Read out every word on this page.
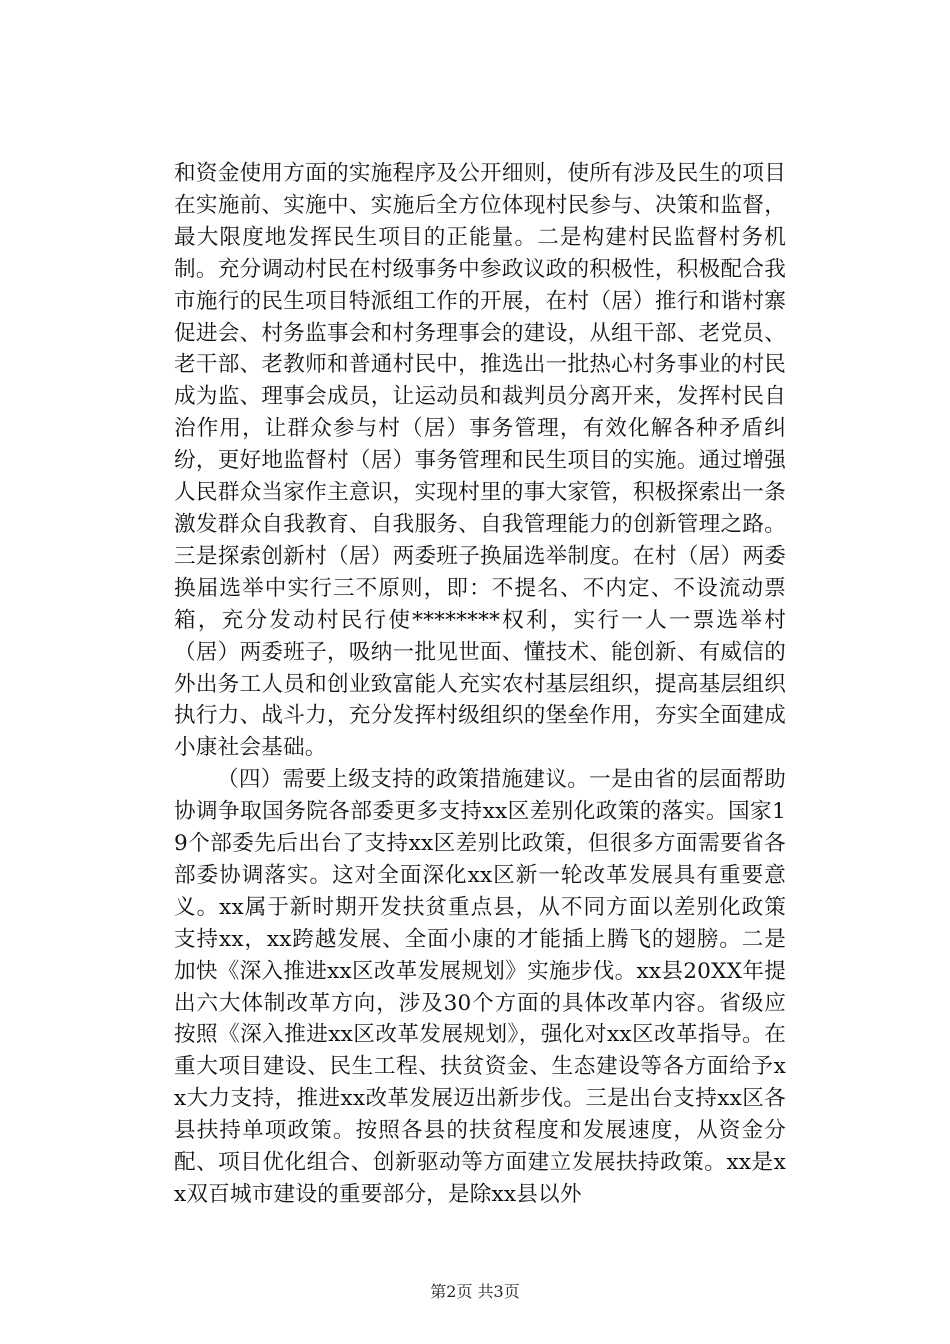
和资金使用方面的实施程序及公开细则，使所有涉及民生的项目在实施前、实施中、实施后全方位体现村民参与、决策和监督，最大限度地发挥民生项目的正能量。二是构建村民监督村务机制。充分调动村民在村级事务中参政议政的积极性，积极配合我市施行的民生项目特派组工作的开展，在村（居）推行和谐村寨促进会、村务监事会和村务理事会的建设，从组干部、老党员、老干部、老教师和普通村民中，推选出一批热心村务事业的村民成为监、理事会成员，让运动员和裁判员分离开来，发挥村民自治作用，让群众参与村（居）事务管理，有效化解各种矛盾纠纷，更好地监督村（居）事务管理和民生项目的实施。通过增强人民群众当家作主意识，实现村里的事大家管，积极探索出一条激发群众自我教育、自我服务、自我管理能力的创新管理之路。三是探索创新村（居）两委班子换届选举制度。在村（居）两委换届选举中实行三不原则，即：不提名、不内定、不设流动票箱，充分发动村民行使********权利，实行一人一票选举村（居）两委班子，吸纳一批见世面、懂技术、能创新、有威信的外出务工人员和创业致富能人充实农村基层组织，提高基层组织执行力、战斗力，充分发挥村级组织的堡垒作用，夯实全面建成小康社会基础。

（四）需要上级支持的政策措施建议。一是由省的层面帮助协调争取国务院各部委更多支持xx区差别化政策的落实。国家19个部委先后出台了支持xx区差别比政策，但很多方面需要省各部委协调落实。这对全面深化xx区新一轮改革发展具有重要意义。xx属于新时期开发扶贫重点县，从不同方面以差别化政策支持xx，xx跨越发展、全面小康的才能插上腾飞的翅膀。二是加快《深入推进xx区改革发展规划》实施步伐。xx县20XX年提出六大体制改革方向，涉及30个方面的具体改革内容。省级应按照《深入推进xx区改革发展规划》，强化对xx区改革指导。在重大项目建设、民生工程、扶贫资金、生态建设等各方面给予xx大力支持，推进xx改革发展迈出新步伐。三是出台支持xx区各县扶持单项政策。按照各县的扶贫程度和发展速度，从资金分配、项目优化组合、创新驱动等方面建立发展扶持政策。xx是xx双百城市建设的重要部分，是除xx县以外

第2页 共3页
